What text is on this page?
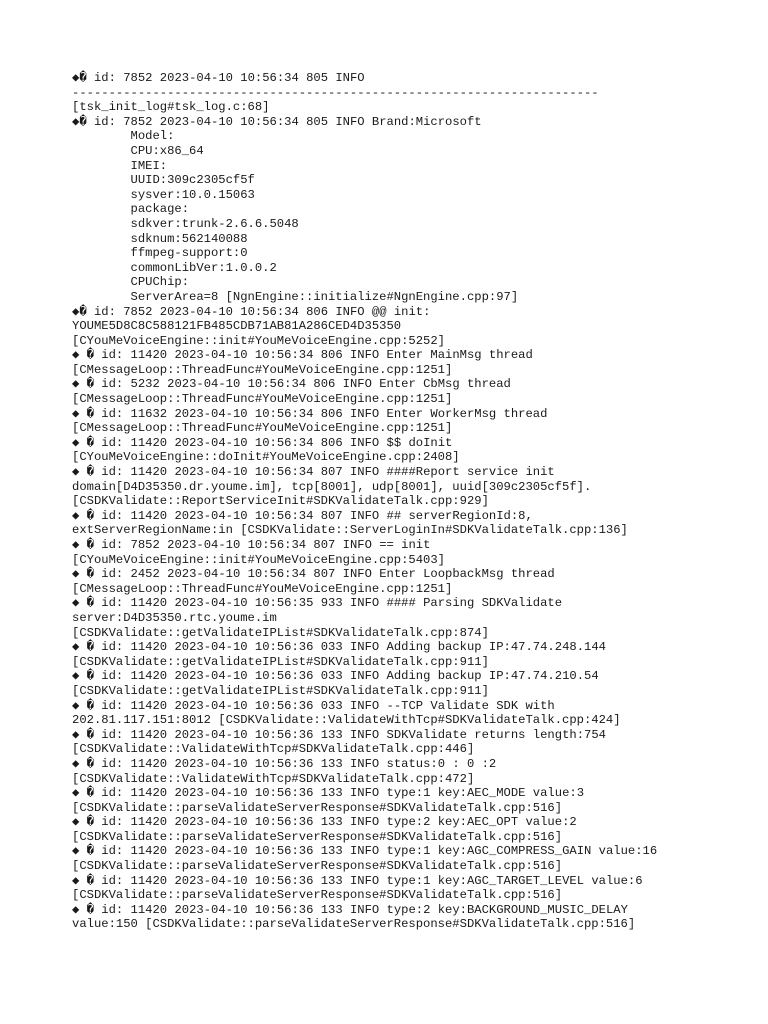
◆� id: 7852 2023-04-10 10:56:34 805 INFO
------------------------------------------------------------------------
[tsk_init_log#tsk_log.c:68]
◆� id: 7852 2023-04-10 10:56:34 805 INFO Brand:Microsoft
Model:
CPU:x86_64
IMEI:
UUID:309c2305cf5f
sysver:10.0.15063
package:
sdkver:trunk-2.6.6.5048
sdknum:562140088
ffmpeg-support:0
commonLibVer:1.0.0.2
CPUChip:
ServerArea=8 [NgnEngine::initialize#NgnEngine.cpp:97]
◆� id: 7852 2023-04-10 10:56:34 806 INFO @@ init:
YOUME5D8C8C588121FB485CDB71AB81A286CED4D35350
[CYouMeVoiceEngine::init#YouMeVoiceEngine.cpp:5252]
◆ � id: 11420 2023-04-10 10:56:34 806 INFO Enter MainMsg thread
[CMessageLoop::ThreadFunc#YouMeVoiceEngine.cpp:1251]
◆ � id: 5232 2023-04-10 10:56:34 806 INFO Enter CbMsg thread
[CMessageLoop::ThreadFunc#YouMeVoiceEngine.cpp:1251]
◆ � id: 11632 2023-04-10 10:56:34 806 INFO Enter WorkerMsg thread
[CMessageLoop::ThreadFunc#YouMeVoiceEngine.cpp:1251]
◆ � id: 11420 2023-04-10 10:56:34 806 INFO $$ doInit
[CYouMeVoiceEngine::doInit#YouMeVoiceEngine.cpp:2408]
◆ � id: 11420 2023-04-10 10:56:34 807 INFO ####Report service init
domain[D4D35350.dr.youme.im], tcp[8001], udp[8001], uuid[309c2305cf5f].
[CSDKValidate::ReportServiceInit#SDKValidateTalk.cpp:929]
◆ � id: 11420 2023-04-10 10:56:34 807 INFO ## serverRegionId:8,
extServerRegionName:in [CSDKValidate::ServerLoginIn#SDKValidateTalk.cpp:136]
◆ � id: 7852 2023-04-10 10:56:34 807 INFO == init
[CYouMeVoiceEngine::init#YouMeVoiceEngine.cpp:5403]
◆ � id: 2452 2023-04-10 10:56:34 807 INFO Enter LoopbackMsg thread
[CMessageLoop::ThreadFunc#YouMeVoiceEngine.cpp:1251]
◆ � id: 11420 2023-04-10 10:56:35 933 INFO #### Parsing SDKValidate
server:D4D35350.rtc.youme.im
[CSDKValidate::getValidateIPList#SDKValidateTalk.cpp:874]
◆ � id: 11420 2023-04-10 10:56:36 033 INFO Adding backup IP:47.74.248.144
[CSDKValidate::getValidateIPList#SDKValidateTalk.cpp:911]
◆ � id: 11420 2023-04-10 10:56:36 033 INFO Adding backup IP:47.74.210.54
[CSDKValidate::getValidateIPList#SDKValidateTalk.cpp:911]
◆ � id: 11420 2023-04-10 10:56:36 033 INFO --TCP Validate SDK with
202.81.117.151:8012 [CSDKValidate::ValidateWithTcp#SDKValidateTalk.cpp:424]
◆ � id: 11420 2023-04-10 10:56:36 133 INFO SDKValidate returns length:754
[CSDKValidate::ValidateWithTcp#SDKValidateTalk.cpp:446]
◆ � id: 11420 2023-04-10 10:56:36 133 INFO status:0 : 0 :2
[CSDKValidate::ValidateWithTcp#SDKValidateTalk.cpp:472]
◆ � id: 11420 2023-04-10 10:56:36 133 INFO type:1 key:AEC_MODE value:3
[CSDKValidate::parseValidateServerResponse#SDKValidateTalk.cpp:516]
◆ � id: 11420 2023-04-10 10:56:36 133 INFO type:2 key:AEC_OPT value:2
[CSDKValidate::parseValidateServerResponse#SDKValidateTalk.cpp:516]
◆ � id: 11420 2023-04-10 10:56:36 133 INFO type:1 key:AGC_COMPRESS_GAIN value:16
[CSDKValidate::parseValidateServerResponse#SDKValidateTalk.cpp:516]
◆ � id: 11420 2023-04-10 10:56:36 133 INFO type:1 key:AGC_TARGET_LEVEL value:6
[CSDKValidate::parseValidateServerResponse#SDKValidateTalk.cpp:516]
◆ � id: 11420 2023-04-10 10:56:36 133 INFO type:2 key:BACKGROUND_MUSIC_DELAY
value:150 [CSDKValidate::parseValidateServerResponse#SDKValidateTalk.cpp:516]
